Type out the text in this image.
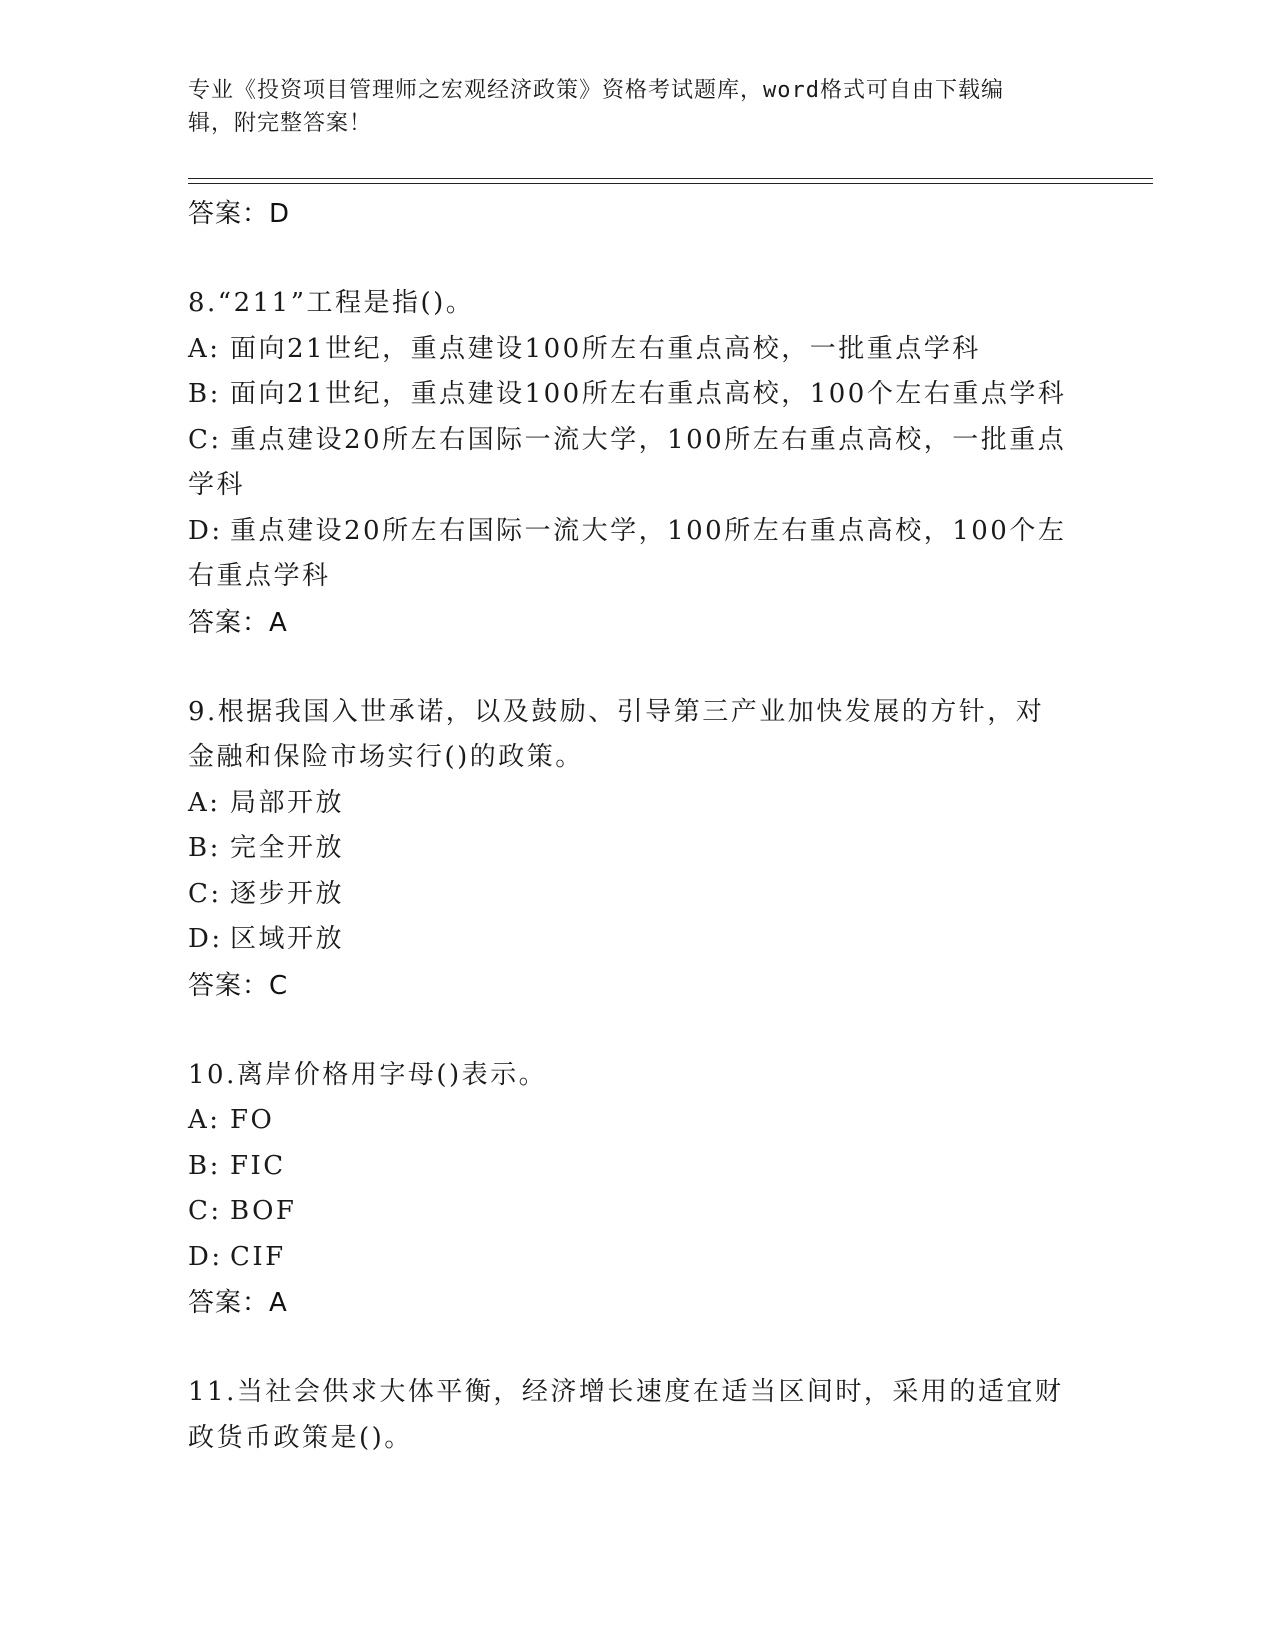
专业《投资项目管理师之宏观经济政策》资格考试题库，word格式可自由下载编
辑，附完整答案！
答案：D
8.“211”工程是指()。
A: 面向21世纪，重点建设100所左右重点高校，一批重点学科
B: 面向21世纪，重点建设100所左右重点高校，100个左右重点学科
C: 重点建设20所左右国际一流大学，100所左右重点高校，一批重点
学科
D: 重点建设20所左右国际一流大学，100所左右重点高校，100个左
右重点学科
答案：A
9.根据我国入世承诺，以及鼓励、引导第三产业加快发展的方针，对
金融和保险市场实行()的政策。
A: 局部开放
B: 完全开放
C: 逐步开放
D: 区域开放
答案：C
10.离岸价格用字母()表示。
A: FO
B: FIC
C: BOF
D: CIF
答案：A
11.当社会供求大体平衡，经济增长速度在适当区间时，采用的适宜财
政货币政策是()。
